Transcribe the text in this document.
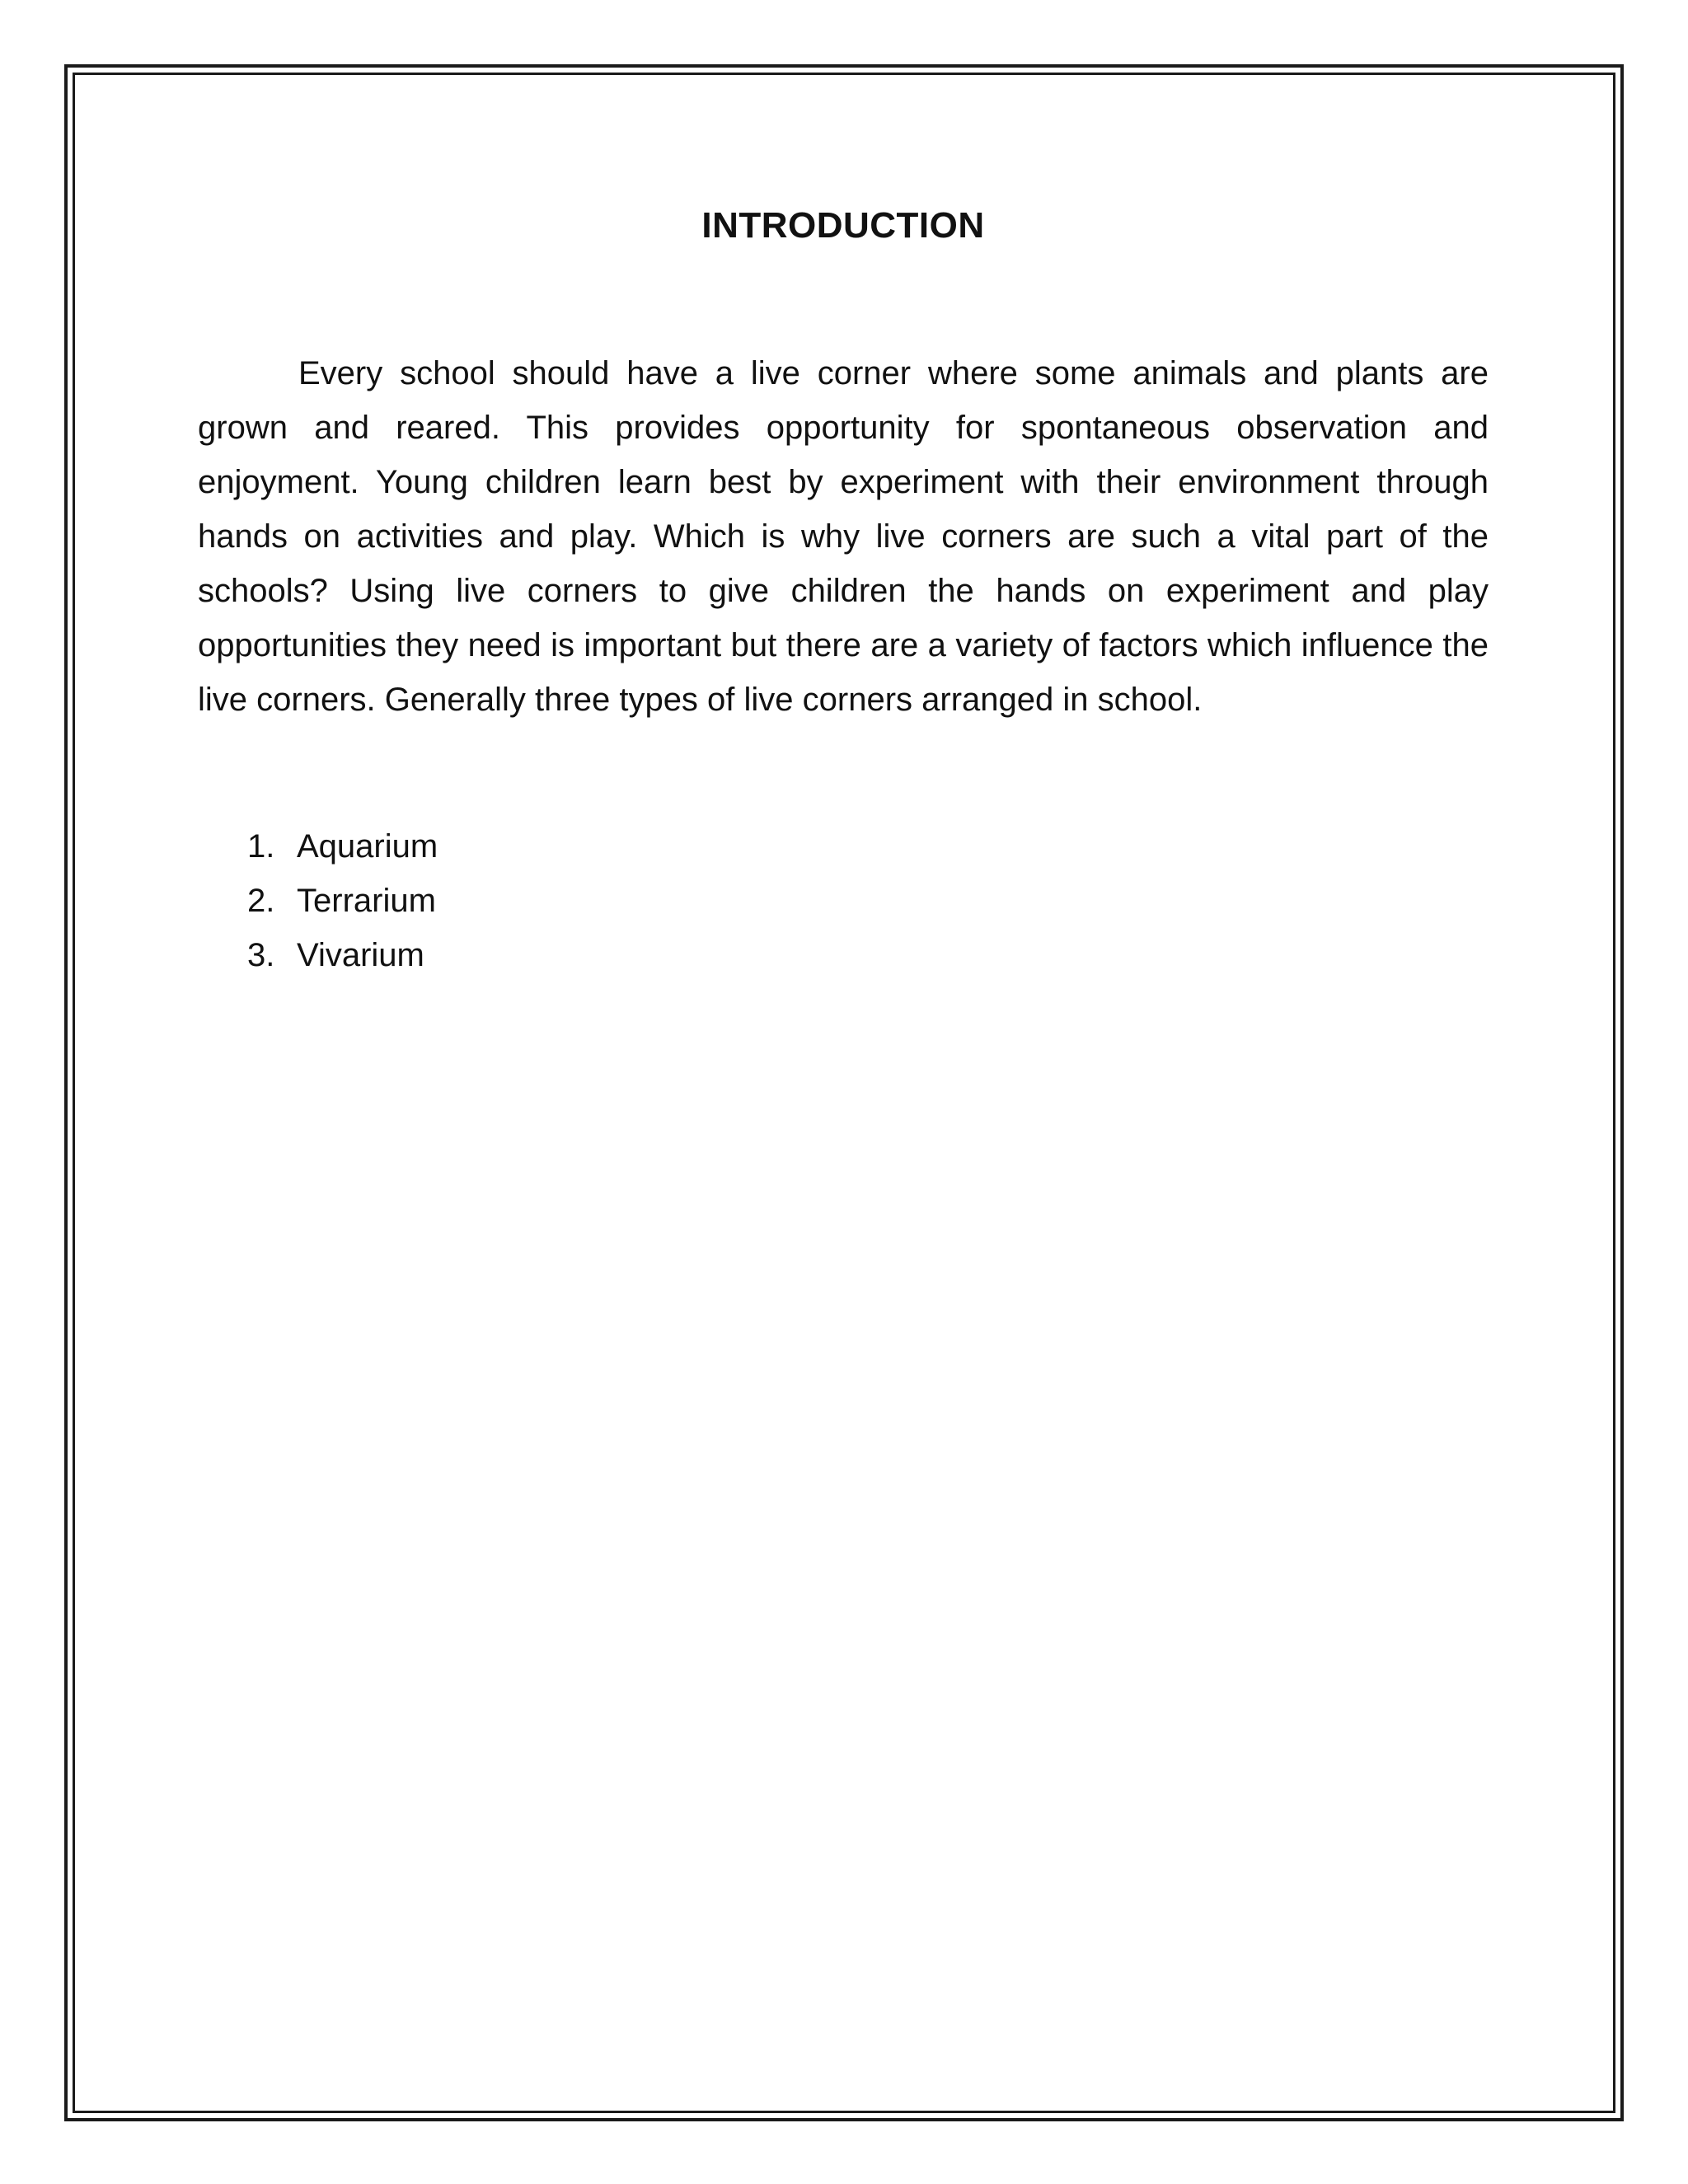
INTRODUCTION

Every school should have a live corner where some animals and plants are grown and reared. This provides opportunity for spontaneous observation and enjoyment. Young children learn best by experiment with their environment through hands on activities and play. Which is why live corners are such a vital part of the schools? Using live corners to give children the hands on experiment and play opportunities they need is important but there are a variety of factors which influence the live corners. Generally three types of live corners arranged in school.

1. Aquarium
2. Terrarium
3. Vivarium
